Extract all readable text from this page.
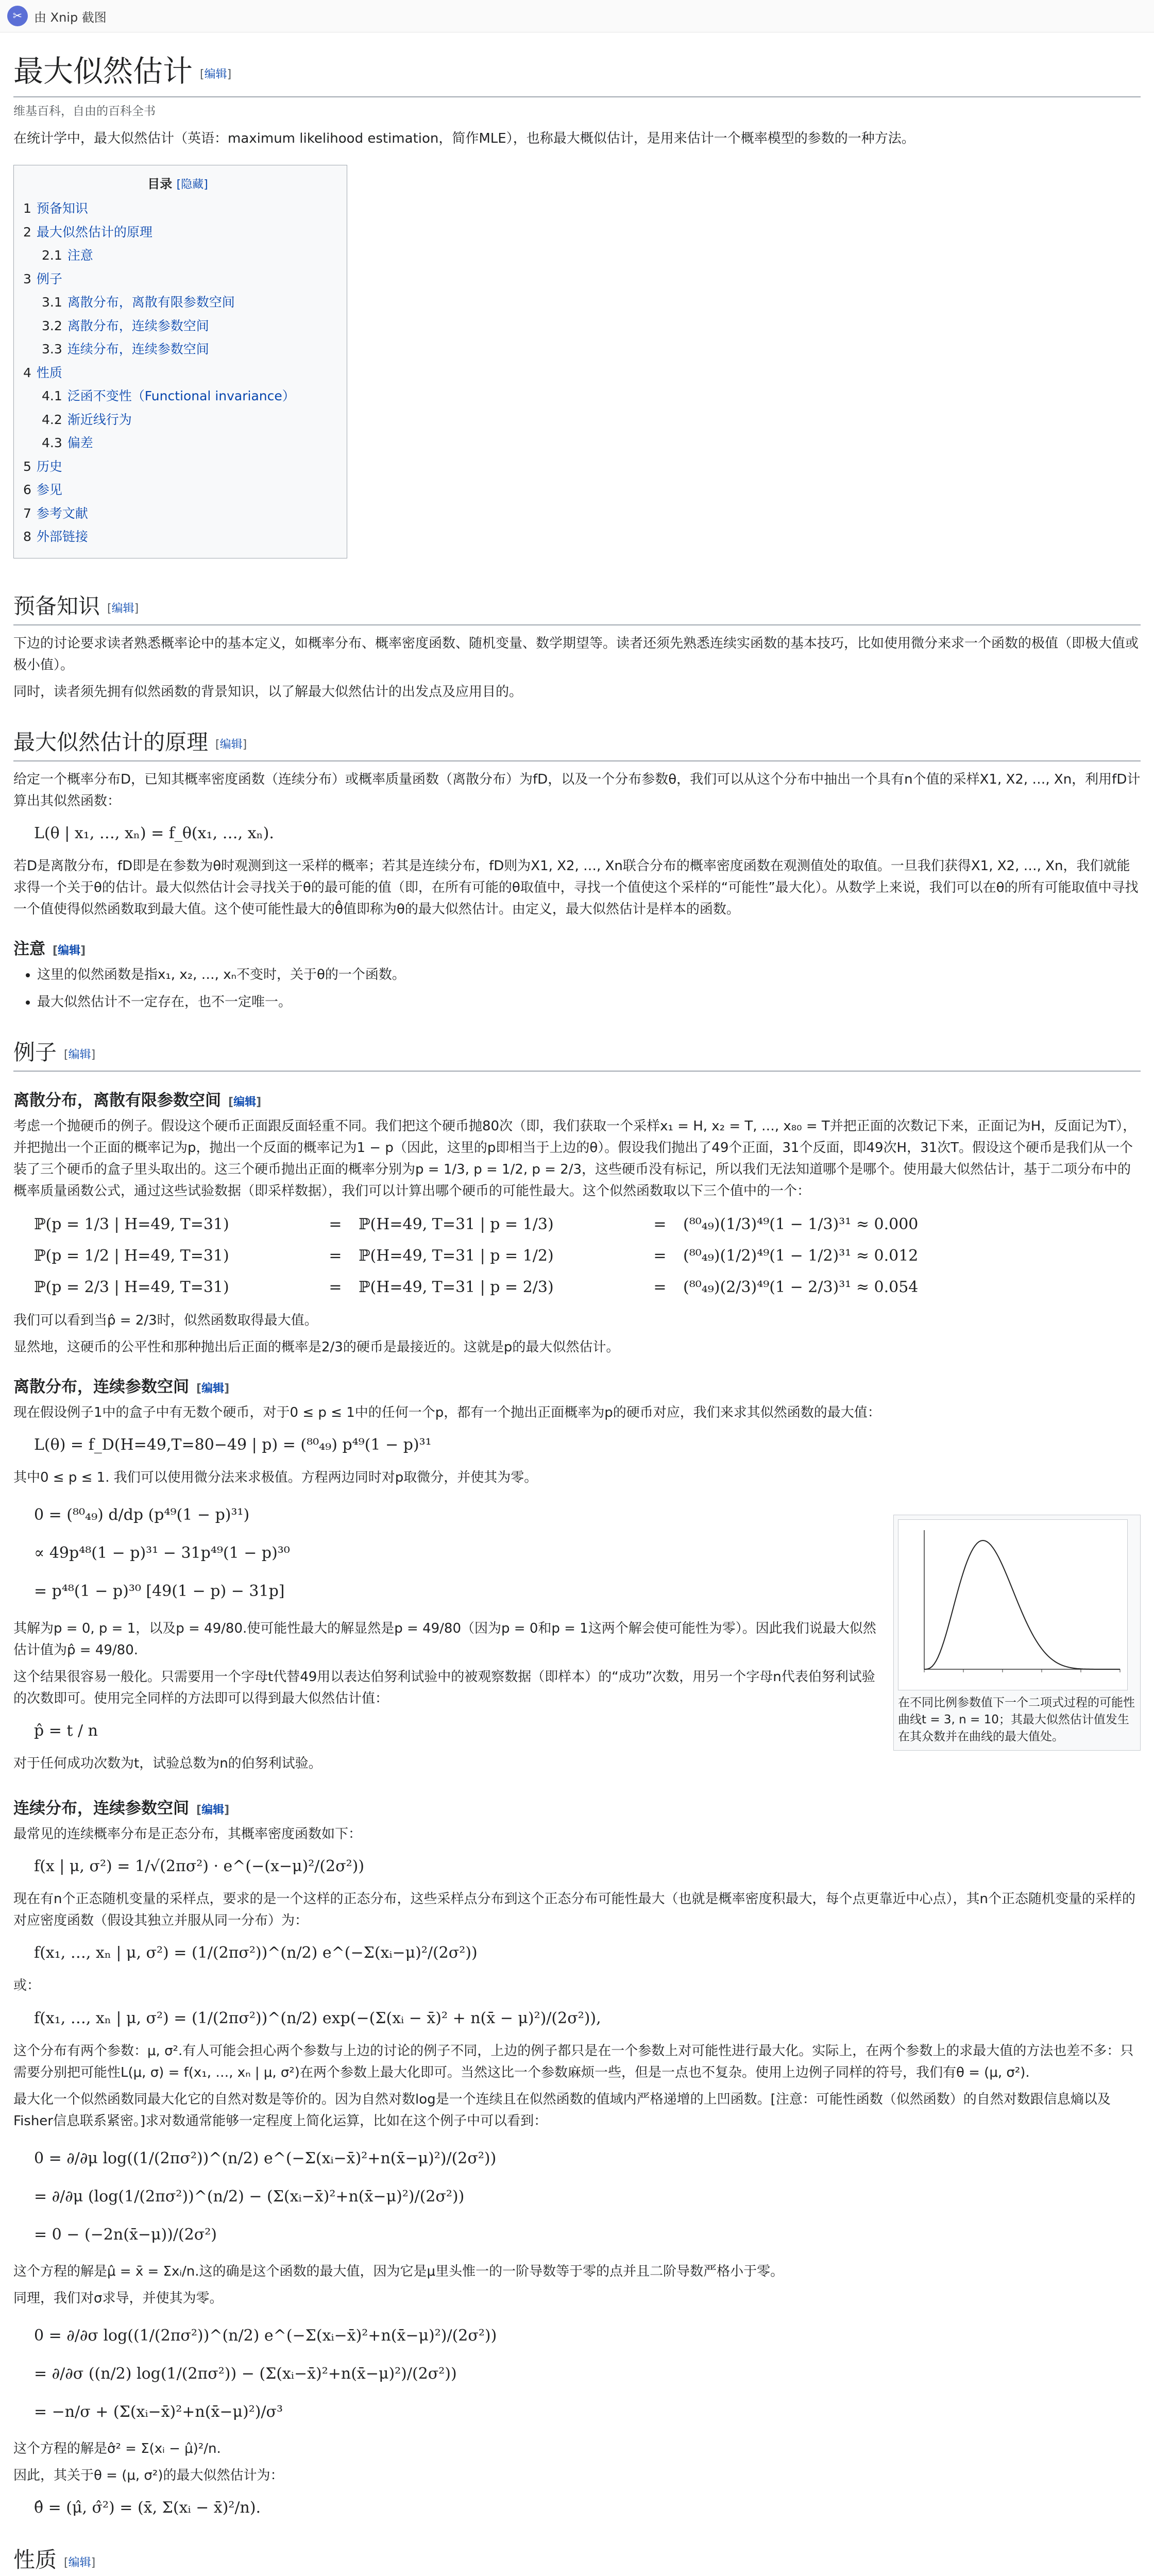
✂ 由 Xnip 截图
最大似然估计 [编辑]
维基百科，自由的百科全书

在统计学中，最大似然估计（英语：maximum likelihood estimation，简作MLE），也称最大概似估计，是用来估计一个概率模型的参数的一种方法。

目录 [隐藏]
1 预备知识
2 最大似然估计的原理
2.1 注意
3 例子
3.1 离散分布，离散有限参数空间
3.2 离散分布，连续参数空间
3.3 连续分布，连续参数空间
4 性质
4.1 泛函不变性（Functional invariance）
4.2 渐近线行为
4.3 偏差
5 历史
6 参见
7 参考文献
8 外部链接
预备知识 [编辑]

下边的讨论要求读者熟悉概率论中的基本定义，如概率分布、概率密度函数、随机变量、数学期望等。读者还须先熟悉连续实函数的基本技巧，比如使用微分来求一个函数的极值（即极大值或极小值）。

同时，读者须先拥有似然函数的背景知识，以了解最大似然估计的出发点及应用目的。

最大似然估计的原理 [编辑]

给定一个概率分布D，已知其概率密度函数（连续分布）或概率质量函数（离散分布）为fD，以及一个分布参数θ，我们可以从这个分布中抽出一个具有n个值的采样X1, X2, …, Xn，利用fD计算出其似然函数：

L(θ | x₁, …, xₙ) = f_θ(x₁, …, xₙ).

若D是离散分布，fD即是在参数为θ时观测到这一采样的概率；若其是连续分布，fD则为X1, X2, …, Xn联合分布的概率密度函数在观测值处的取值。一旦我们获得X1, X2, …, Xn，我们就能求得一个关于θ的估计。最大似然估计会寻找关于θ的最可能的值（即，在所有可能的θ取值中，寻找一个值使这个采样的“可能性”最大化）。从数学上来说，我们可以在θ的所有可能取值中寻找一个值使得似然函数取到最大值。这个使可能性最大的θ̂值即称为θ的最大似然估计。由定义，最大似然估计是样本的函数。

注意 [编辑]
• 这里的似然函数是指x₁, x₂, …, xₙ不变时，关于θ的一个函数。
• 最大似然估计不一定存在，也不一定唯一。
例子 [编辑]
离散分布，离散有限参数空间 [编辑]

考虑一个抛硬币的例子。假设这个硬币正面跟反面轻重不同。我们把这个硬币抛80次（即，我们获取一个采样x₁ = H, x₂ = T, …, x₈₀ = T并把正面的次数记下来，正面记为H，反面记为T），并把抛出一个正面的概率记为p，抛出一个反面的概率记为1 − p（因此，这里的p即相当于上边的θ）。假设我们抛出了49个正面，31个反面，即49次H，31次T。假设这个硬币是我们从一个装了三个硬币的盒子里头取出的。这三个硬币抛出正面的概率分别为p = 1/3, p = 1/2, p = 2/3，这些硬币没有标记，所以我们无法知道哪个是哪个。使用最大似然估计，基于二项分布中的概率质量函数公式，通过这些试验数据（即采样数据），我们可以计算出哪个硬币的可能性最大。这个似然函数取以下三个值中的一个：

ℙ(p = 1/3 | H=49, T=31)	=	ℙ(H=49, T=31 | p = 1/3)	=	(⁸⁰₄₉)(1/3)⁴⁹(1 − 1/3)³¹ ≈ 0.000
ℙ(p = 1/2 | H=49, T=31)	=	ℙ(H=49, T=31 | p = 1/2)	=	(⁸⁰₄₉)(1/2)⁴⁹(1 − 1/2)³¹ ≈ 0.012
ℙ(p = 2/3 | H=49, T=31)	=	ℙ(H=49, T=31 | p = 2/3)	=	(⁸⁰₄₉)(2/3)⁴⁹(1 − 2/3)³¹ ≈ 0.054

我们可以看到当p̂ = 2/3时，似然函数取得最大值。

显然地，这硬币的公平性和那种抛出后正面的概率是2/3的硬币是最接近的。这就是p的最大似然估计。

离散分布，连续参数空间 [编辑]

现在假设例子1中的盒子中有无数个硬币，对于0 ≤ p ≤ 1中的任何一个p，都有一个抛出正面概率为p的硬币对应，我们来求其似然函数的最大值：

L(θ) = f_D(H=49,T=80−49 | p) = (⁸⁰₄₉) p⁴⁹(1 − p)³¹

其中0 ≤ p ≤ 1. 我们可以使用微分法来求极值。方程两边同时对p取微分，并使其为零。

在不同比例参数值下一个二项式过程的可能性曲线t = 3, n = 10；其最大似然估计值发生在其众数并在曲线的最大值处。
0 = (⁸⁰₄₉) d/dp (p⁴⁹(1 − p)³¹)
∝ 49p⁴⁸(1 − p)³¹ − 31p⁴⁹(1 − p)³⁰
= p⁴⁸(1 − p)³⁰ [49(1 − p) − 31p]

其解为p = 0, p = 1，以及p = 49/80.使可能性最大的解显然是p = 49/80（因为p = 0和p = 1这两个解会使可能性为零）。因此我们说最大似然估计值为p̂ = 49/80.

这个结果很容易一般化。只需要用一个字母t代替49用以表达伯努利试验中的被观察数据（即样本）的“成功”次数，用另一个字母n代表伯努利试验的次数即可。使用完全同样的方法即可以得到最大似然估计值：

p̂ = t / n

对于任何成功次数为t，试验总数为n的伯努利试验。

连续分布，连续参数空间 [编辑]

最常见的连续概率分布是正态分布，其概率密度函数如下：

f(x | μ, σ²) = 1/√(2πσ²) · e^(−(x−μ)²/(2σ²))

现在有n个正态随机变量的采样点，要求的是一个这样的正态分布，这些采样点分布到这个正态分布可能性最大（也就是概率密度积最大，每个点更靠近中心点），其n个正态随机变量的采样的对应密度函数（假设其独立并服从同一分布）为：

f(x₁, …, xₙ | μ, σ²) = (1/(2πσ²))^(n/2) e^(−Σ(xᵢ−μ)²/(2σ²))

或：

f(x₁, …, xₙ | μ, σ²) = (1/(2πσ²))^(n/2) exp(−(Σ(xᵢ − x̄)² + n(x̄ − μ)²)/(2σ²)),

这个分布有两个参数：μ, σ².有人可能会担心两个参数与上边的讨论的例子不同，上边的例子都只是在一个参数上对可能性进行最大化。实际上，在两个参数上的求最大值的方法也差不多：只需要分别把可能性L(μ, σ) = f(x₁, …, xₙ | μ, σ²)在两个参数上最大化即可。当然这比一个参数麻烦一些，但是一点也不复杂。使用上边例子同样的符号，我们有θ = (μ, σ²).

最大化一个似然函数同最大化它的自然对数是等价的。因为自然对数log是一个连续且在似然函数的值域内严格递增的上凹函数。[注意：可能性函数（似然函数）的自然对数跟信息熵以及Fisher信息联系紧密。]求对数通常能够一定程度上简化运算，比如在这个例子中可以看到：

0 = ∂/∂μ log((1/(2πσ²))^(n/2) e^(−Σ(xᵢ−x̄)²+n(x̄−μ)²)/(2σ²))
= ∂/∂μ (log(1/(2πσ²))^(n/2) − (Σ(xᵢ−x̄)²+n(x̄−μ)²)/(2σ²))
= 0 − (−2n(x̄−μ))/(2σ²)

这个方程的解是μ̂ = x̄ = Σxᵢ/n.这的确是这个函数的最大值，因为它是μ里头惟一的一阶导数等于零的点并且二阶导数严格小于零。

同理，我们对σ求导，并使其为零。

0 = ∂/∂σ log((1/(2πσ²))^(n/2) e^(−Σ(xᵢ−x̄)²+n(x̄−μ)²)/(2σ²))
= ∂/∂σ ((n/2) log(1/(2πσ²)) − (Σ(xᵢ−x̄)²+n(x̄−μ)²)/(2σ²))
= −n/σ + (Σ(xᵢ−x̄)²+n(x̄−μ)²)/σ³

这个方程的解是σ̂² = Σ(xᵢ − μ̂)²/n.

因此，其关于θ = (μ, σ²)的最大似然估计为：

θ̂ = (μ̂, σ̂²) = (x̄, Σ(xᵢ − x̄)²/n).
性质 [编辑]
